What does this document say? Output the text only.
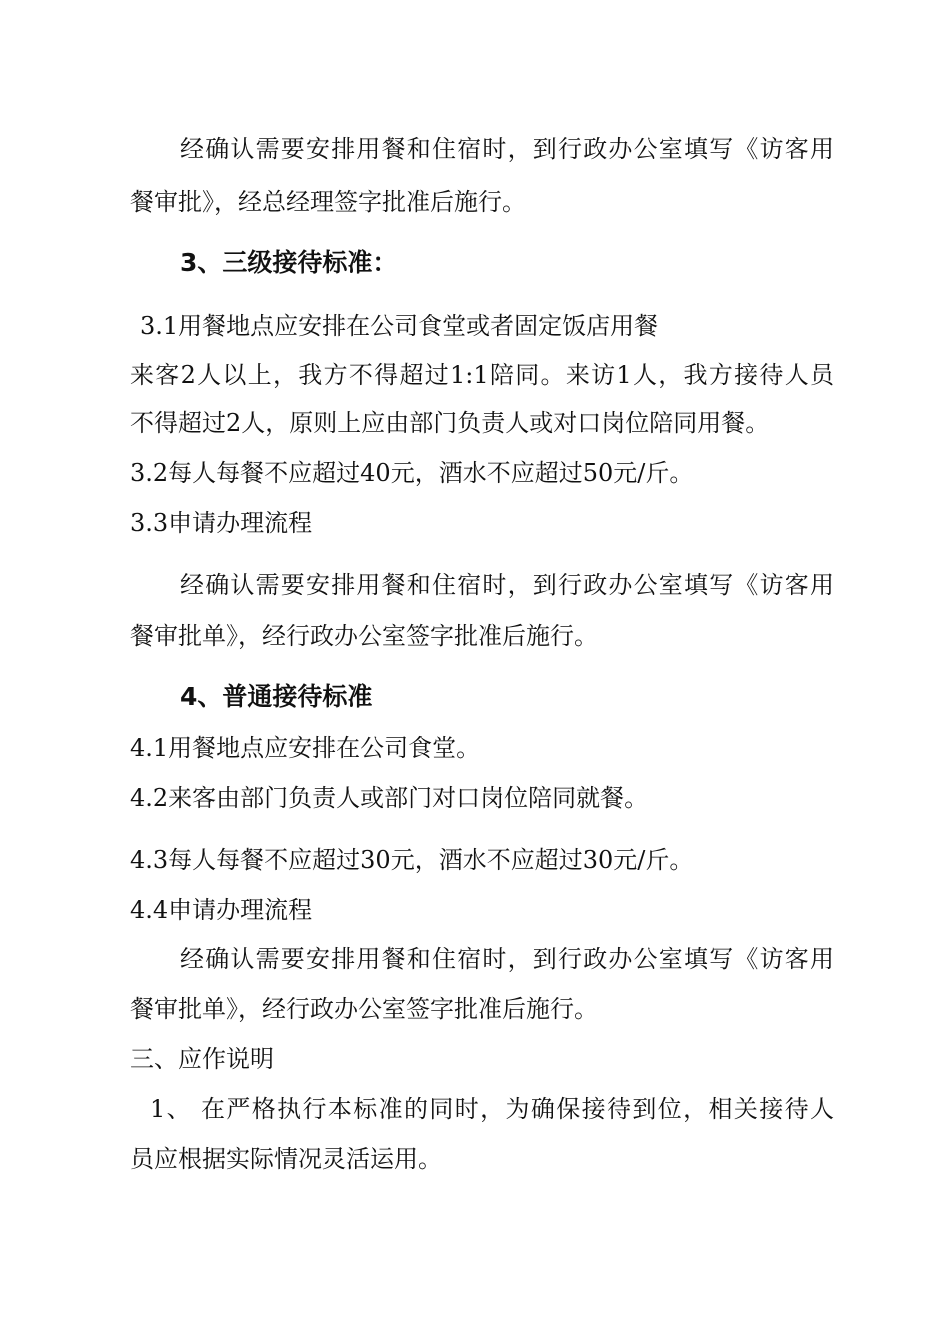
经确认需要安排用餐和住宿时，到行政办公室填写《访客用
餐审批》，经总经理签字批准后施行。
3、三级接待标准：
3.1用餐地点应安排在公司食堂或者固定饭店用餐
来客2人以上，我方不得超过1:1陪同。来访1人，我方接待人员
不得超过2人，原则上应由部门负责人或对口岗位陪同用餐。
3.2每人每餐不应超过40元，酒水不应超过50元/斤。
3.3申请办理流程
经确认需要安排用餐和住宿时，到行政办公室填写《访客用
餐审批单》，经行政办公室签字批准后施行。
4、普通接待标准
4.1用餐地点应安排在公司食堂。
4.2来客由部门负责人或部门对口岗位陪同就餐。
4.3每人每餐不应超过30元，酒水不应超过30元/斤。
4.4申请办理流程
经确认需要安排用餐和住宿时，到行政办公室填写《访客用
餐审批单》，经行政办公室签字批准后施行。
三、应作说明
1、 在严格执行本标准的同时，为确保接待到位，相关接待人
员应根据实际情况灵活运用。
